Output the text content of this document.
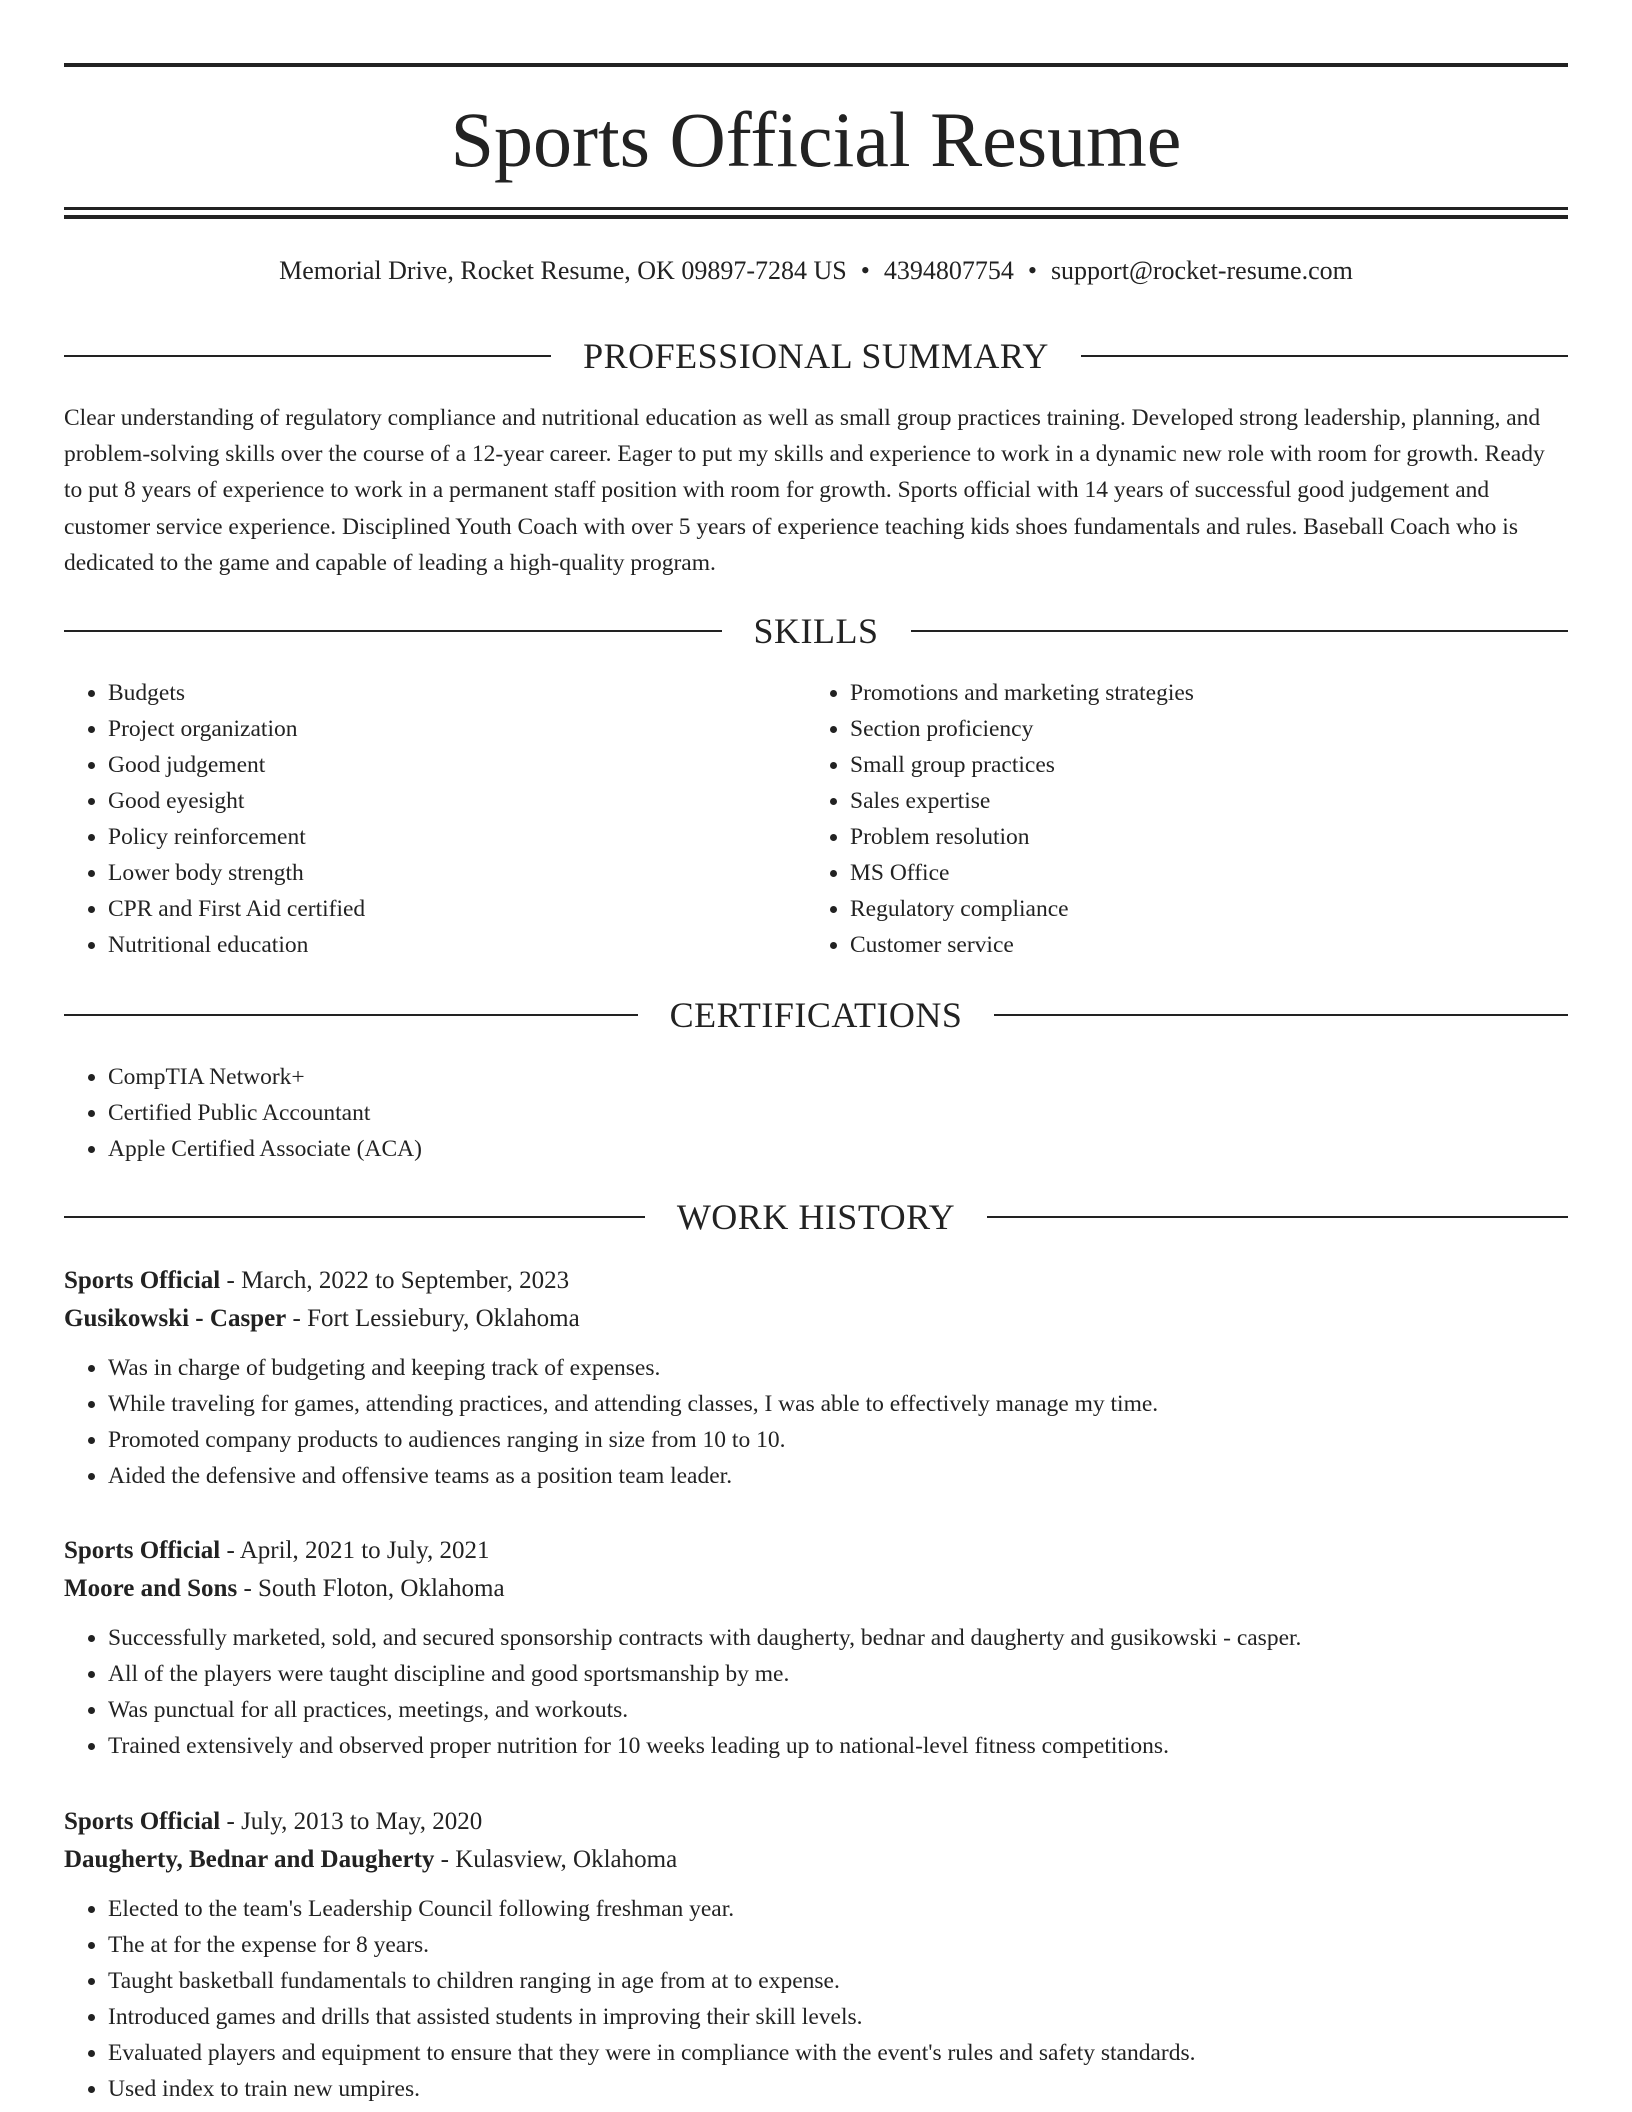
Sports Official Resume
Memorial Drive, Rocket Resume, OK 09897-7284 US • 4394807754 • support@rocket-resume.com
PROFESSIONAL SUMMARY

Clear understanding of regulatory compliance and nutritional education as well as small group practices training. Developed strong leadership, planning, and problem-solving skills over the course of a 12-year career. Eager to put my skills and experience to work in a dynamic new role with room for growth. Ready to put 8 years of experience to work in a permanent staff position with room for growth. Sports official with 14 years of successful good judgement and customer service experience. Disciplined Youth Coach with over 5 years of experience teaching kids shoes fundamentals and rules. Baseball Coach who is dedicated to the game and capable of leading a high-quality program.

SKILLS
• Budgets
• Project organization
• Good judgement
• Good eyesight
• Policy reinforcement
• Lower body strength
• CPR and First Aid certified
• Nutritional education
• Promotions and marketing strategies
• Section proficiency
• Small group practices
• Sales expertise
• Problem resolution
• MS Office
• Regulatory compliance
• Customer service
CERTIFICATIONS
• CompTIA Network+
• Certified Public Accountant
• Apple Certified Associate (ACA)
WORK HISTORY
Sports Official - March, 2022 to September, 2023
Gusikowski - Casper - Fort Lessiebury, Oklahoma
• Was in charge of budgeting and keeping track of expenses.
• While traveling for games, attending practices, and attending classes, I was able to effectively manage my time.
• Promoted company products to audiences ranging in size from 10 to 10.
• Aided the defensive and offensive teams as a position team leader.
Sports Official - April, 2021 to July, 2021
Moore and Sons - South Floton, Oklahoma
• Successfully marketed, sold, and secured sponsorship contracts with daugherty, bednar and daugherty and gusikowski - casper.
• All of the players were taught discipline and good sportsmanship by me.
• Was punctual for all practices, meetings, and workouts.
• Trained extensively and observed proper nutrition for 10 weeks leading up to national-level fitness competitions.
Sports Official - July, 2013 to May, 2020
Daugherty, Bednar and Daugherty - Kulasview, Oklahoma
• Elected to the team's Leadership Council following freshman year.
• The at for the expense for 8 years.
• Taught basketball fundamentals to children ranging in age from at to expense.
• Introduced games and drills that assisted students in improving their skill levels.
• Evaluated players and equipment to ensure that they were in compliance with the event's rules and safety standards.
• Used index to train new umpires.
